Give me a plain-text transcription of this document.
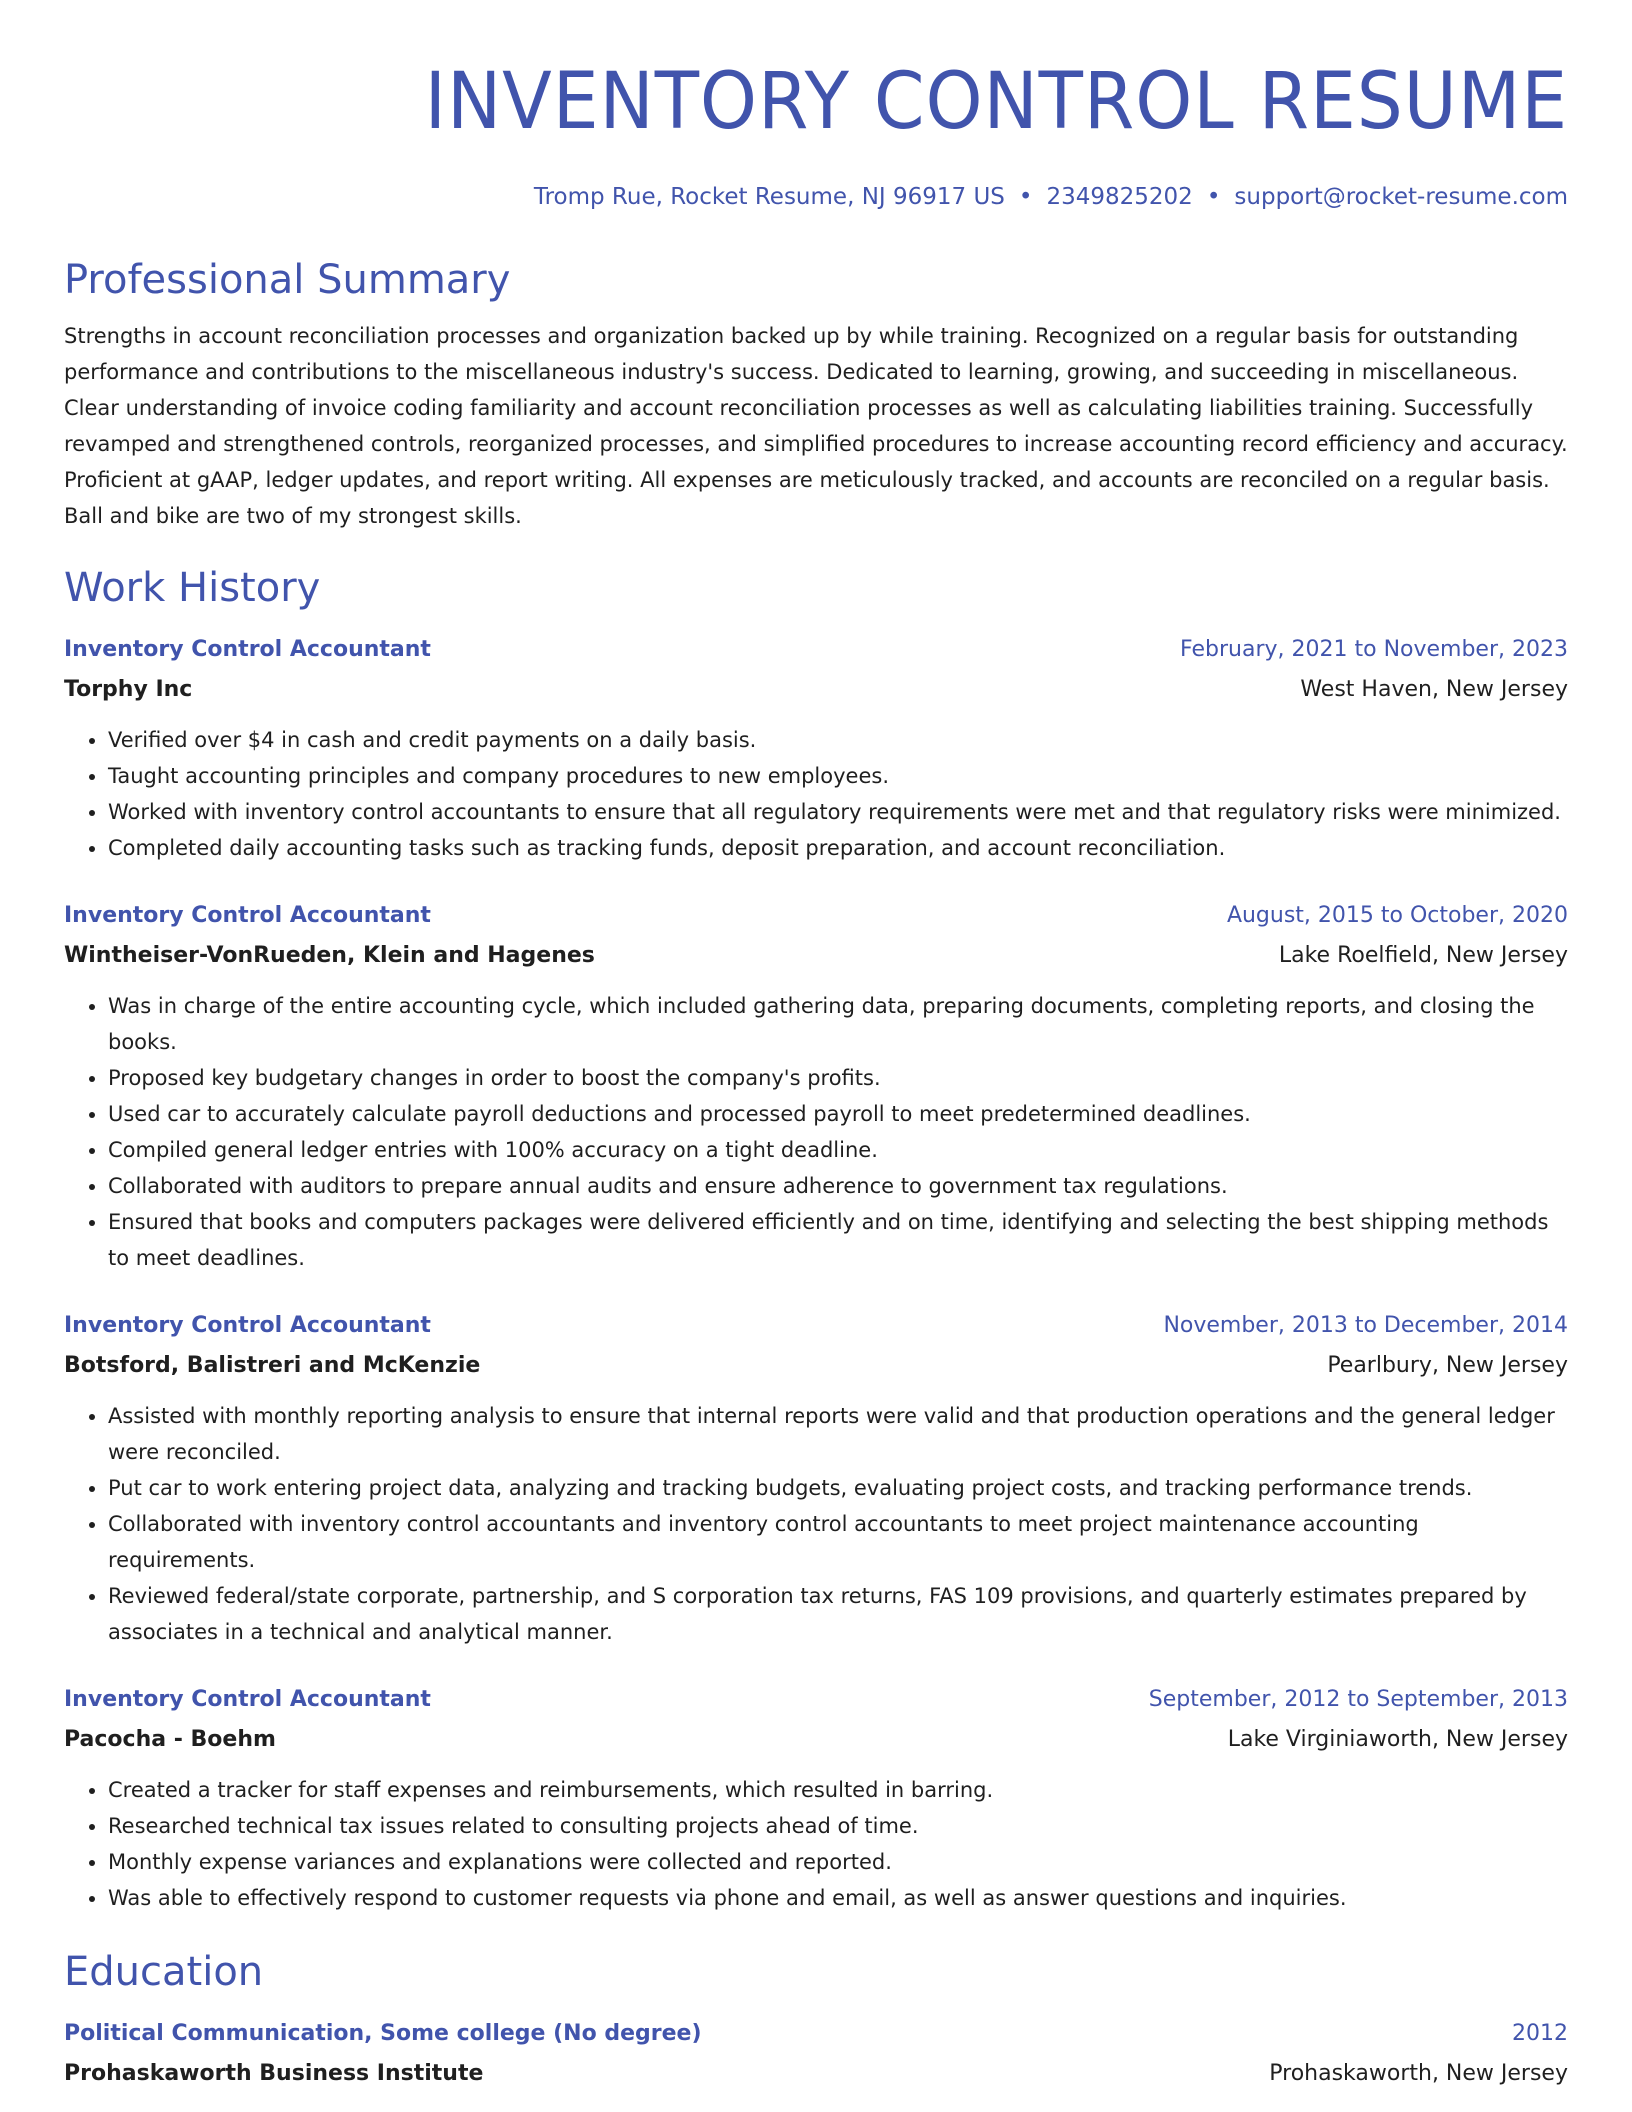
INVENTORY CONTROL RESUME
Tromp Rue, Rocket Resume, NJ 96917 US • 2349825202 • support@rocket-resume.com
Professional Summary
Strengths in account reconciliation processes and organization backed up by while training. Recognized on a regular basis for outstanding performance and contributions to the miscellaneous industry's success. Dedicated to learning, growing, and succeeding in miscellaneous. Clear understanding of invoice coding familiarity and account reconciliation processes as well as calculating liabilities training. Successfully revamped and strengthened controls, reorganized processes, and simplified procedures to increase accounting record efficiency and accuracy. Proficient at gAAP, ledger updates, and report writing. All expenses are meticulously tracked, and accounts are reconciled on a regular basis. Ball and bike are two of my strongest skills.
Work History
Inventory Control Accountant	February, 2021 to November, 2023
Torphy Inc	West Haven, New Jersey
• Verified over $4 in cash and credit payments on a daily basis.
• Taught accounting principles and company procedures to new employees.
• Worked with inventory control accountants to ensure that all regulatory requirements were met and that regulatory risks were minimized.
• Completed daily accounting tasks such as tracking funds, deposit preparation, and account reconciliation.
Inventory Control Accountant	August, 2015 to October, 2020
Wintheiser-VonRueden, Klein and Hagenes	Lake Roelfield, New Jersey
• Was in charge of the entire accounting cycle, which included gathering data, preparing documents, completing reports, and closing the books.
• Proposed key budgetary changes in order to boost the company's profits.
• Used car to accurately calculate payroll deductions and processed payroll to meet predetermined deadlines.
• Compiled general ledger entries with 100% accuracy on a tight deadline.
• Collaborated with auditors to prepare annual audits and ensure adherence to government tax regulations.
• Ensured that books and computers packages were delivered efficiently and on time, identifying and selecting the best shipping methods to meet deadlines.
Inventory Control Accountant	November, 2013 to December, 2014
Botsford, Balistreri and McKenzie	Pearlbury, New Jersey
• Assisted with monthly reporting analysis to ensure that internal reports were valid and that production operations and the general ledger were reconciled.
• Put car to work entering project data, analyzing and tracking budgets, evaluating project costs, and tracking performance trends.
• Collaborated with inventory control accountants and inventory control accountants to meet project maintenance accounting requirements.
• Reviewed federal/state corporate, partnership, and S corporation tax returns, FAS 109 provisions, and quarterly estimates prepared by associates in a technical and analytical manner.
Inventory Control Accountant	September, 2012 to September, 2013
Pacocha - Boehm	Lake Virginiaworth, New Jersey
• Created a tracker for staff expenses and reimbursements, which resulted in barring.
• Researched technical tax issues related to consulting projects ahead of time.
• Monthly expense variances and explanations were collected and reported.
• Was able to effectively respond to customer requests via phone and email, as well as answer questions and inquiries.
Education
Political Communication, Some college (No degree)	2012
Prohaskaworth Business Institute	Prohaskaworth, New Jersey
